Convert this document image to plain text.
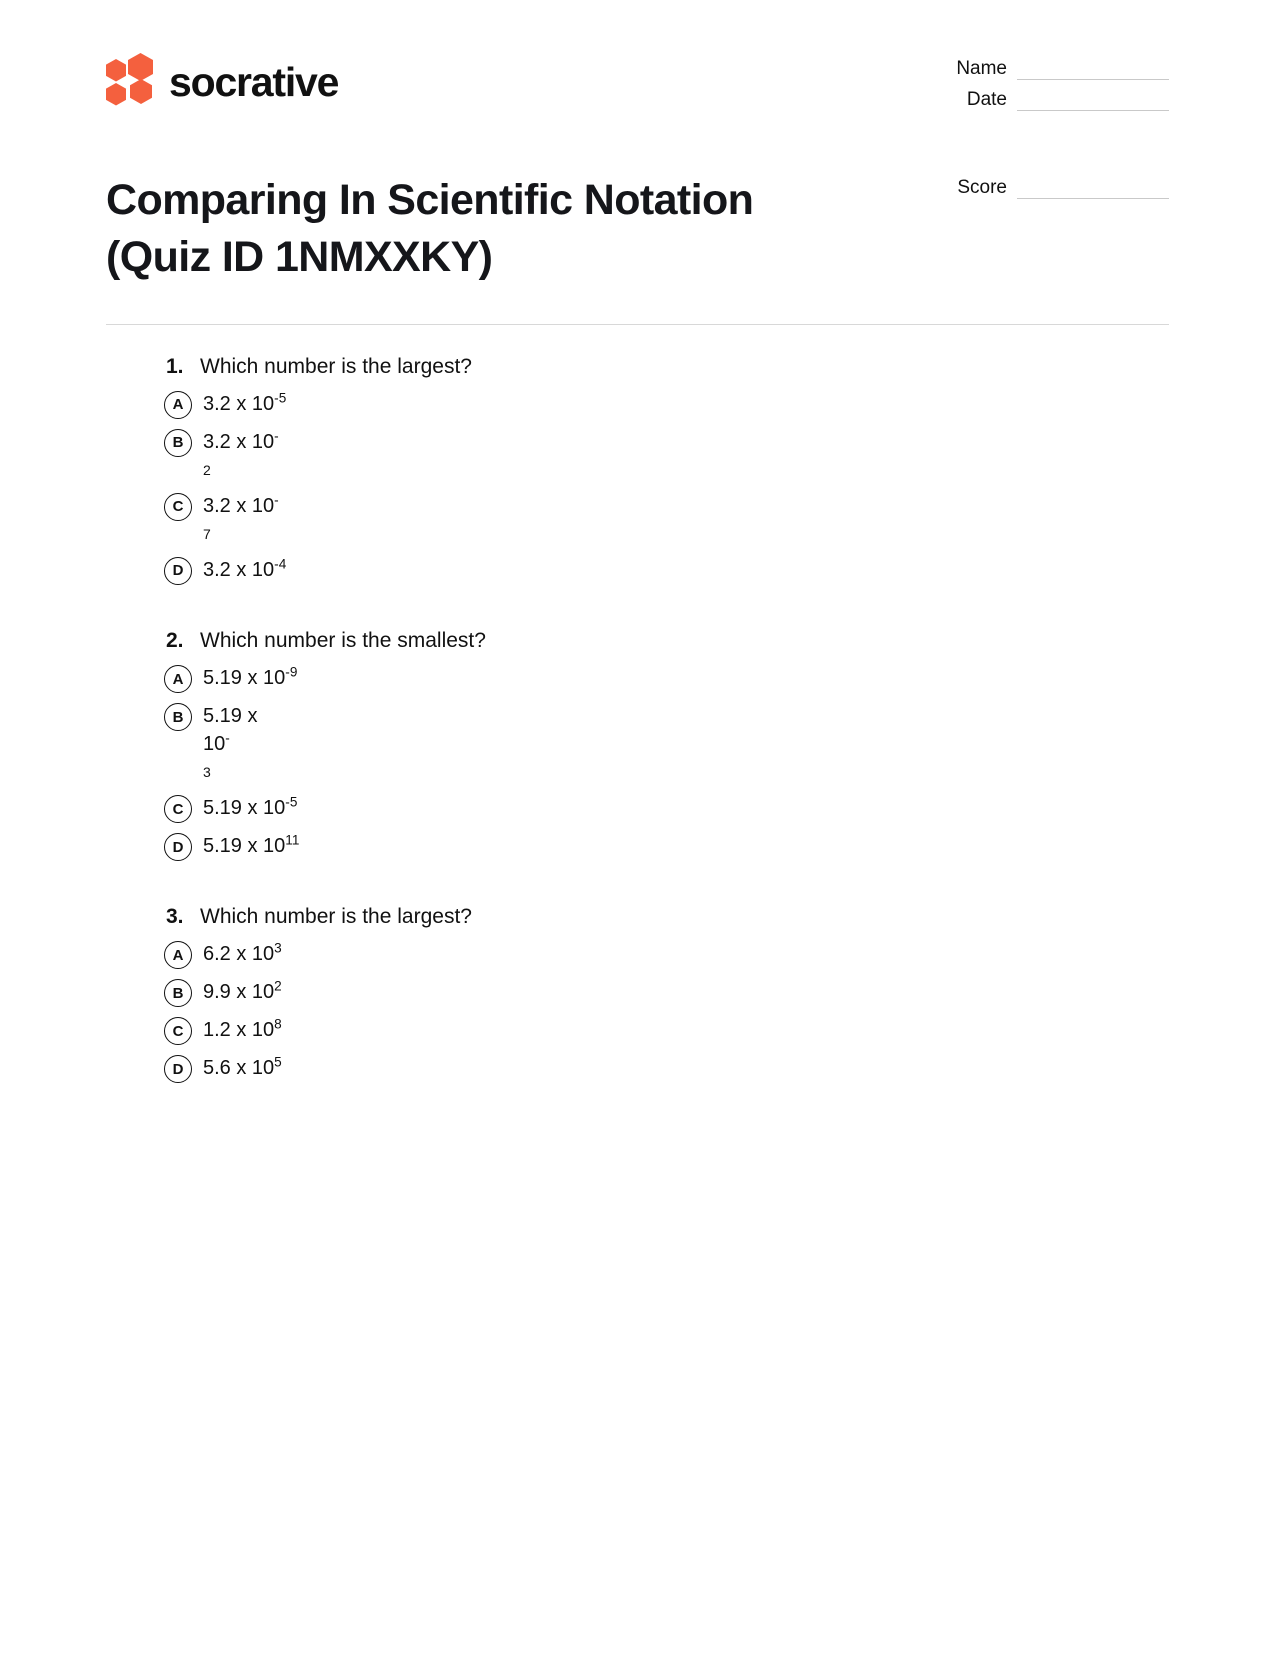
socrative	Name
Date
Score
Comparing In Scientific Notation (Quiz ID 1NMXXKY)
1. Which number is the largest?
A 3.2 x $10^{-5}$
B 3.2 x 10-
2
C 3.2 x 10-
7
D 3.2 x $10^{-4}$
2. Which number is the smallest?
A 5.19 x $10^{-9}$
B 5.19 x 10-
3
C 5.19 x $10^{-5}$
D 5.19 x $10^{11}$
3. Which number is the largest?
A 6.2 x $10^3$
B 9.9 x $10^2$
C 1.2 x $10^8$
D 5.6 x $10^5$
